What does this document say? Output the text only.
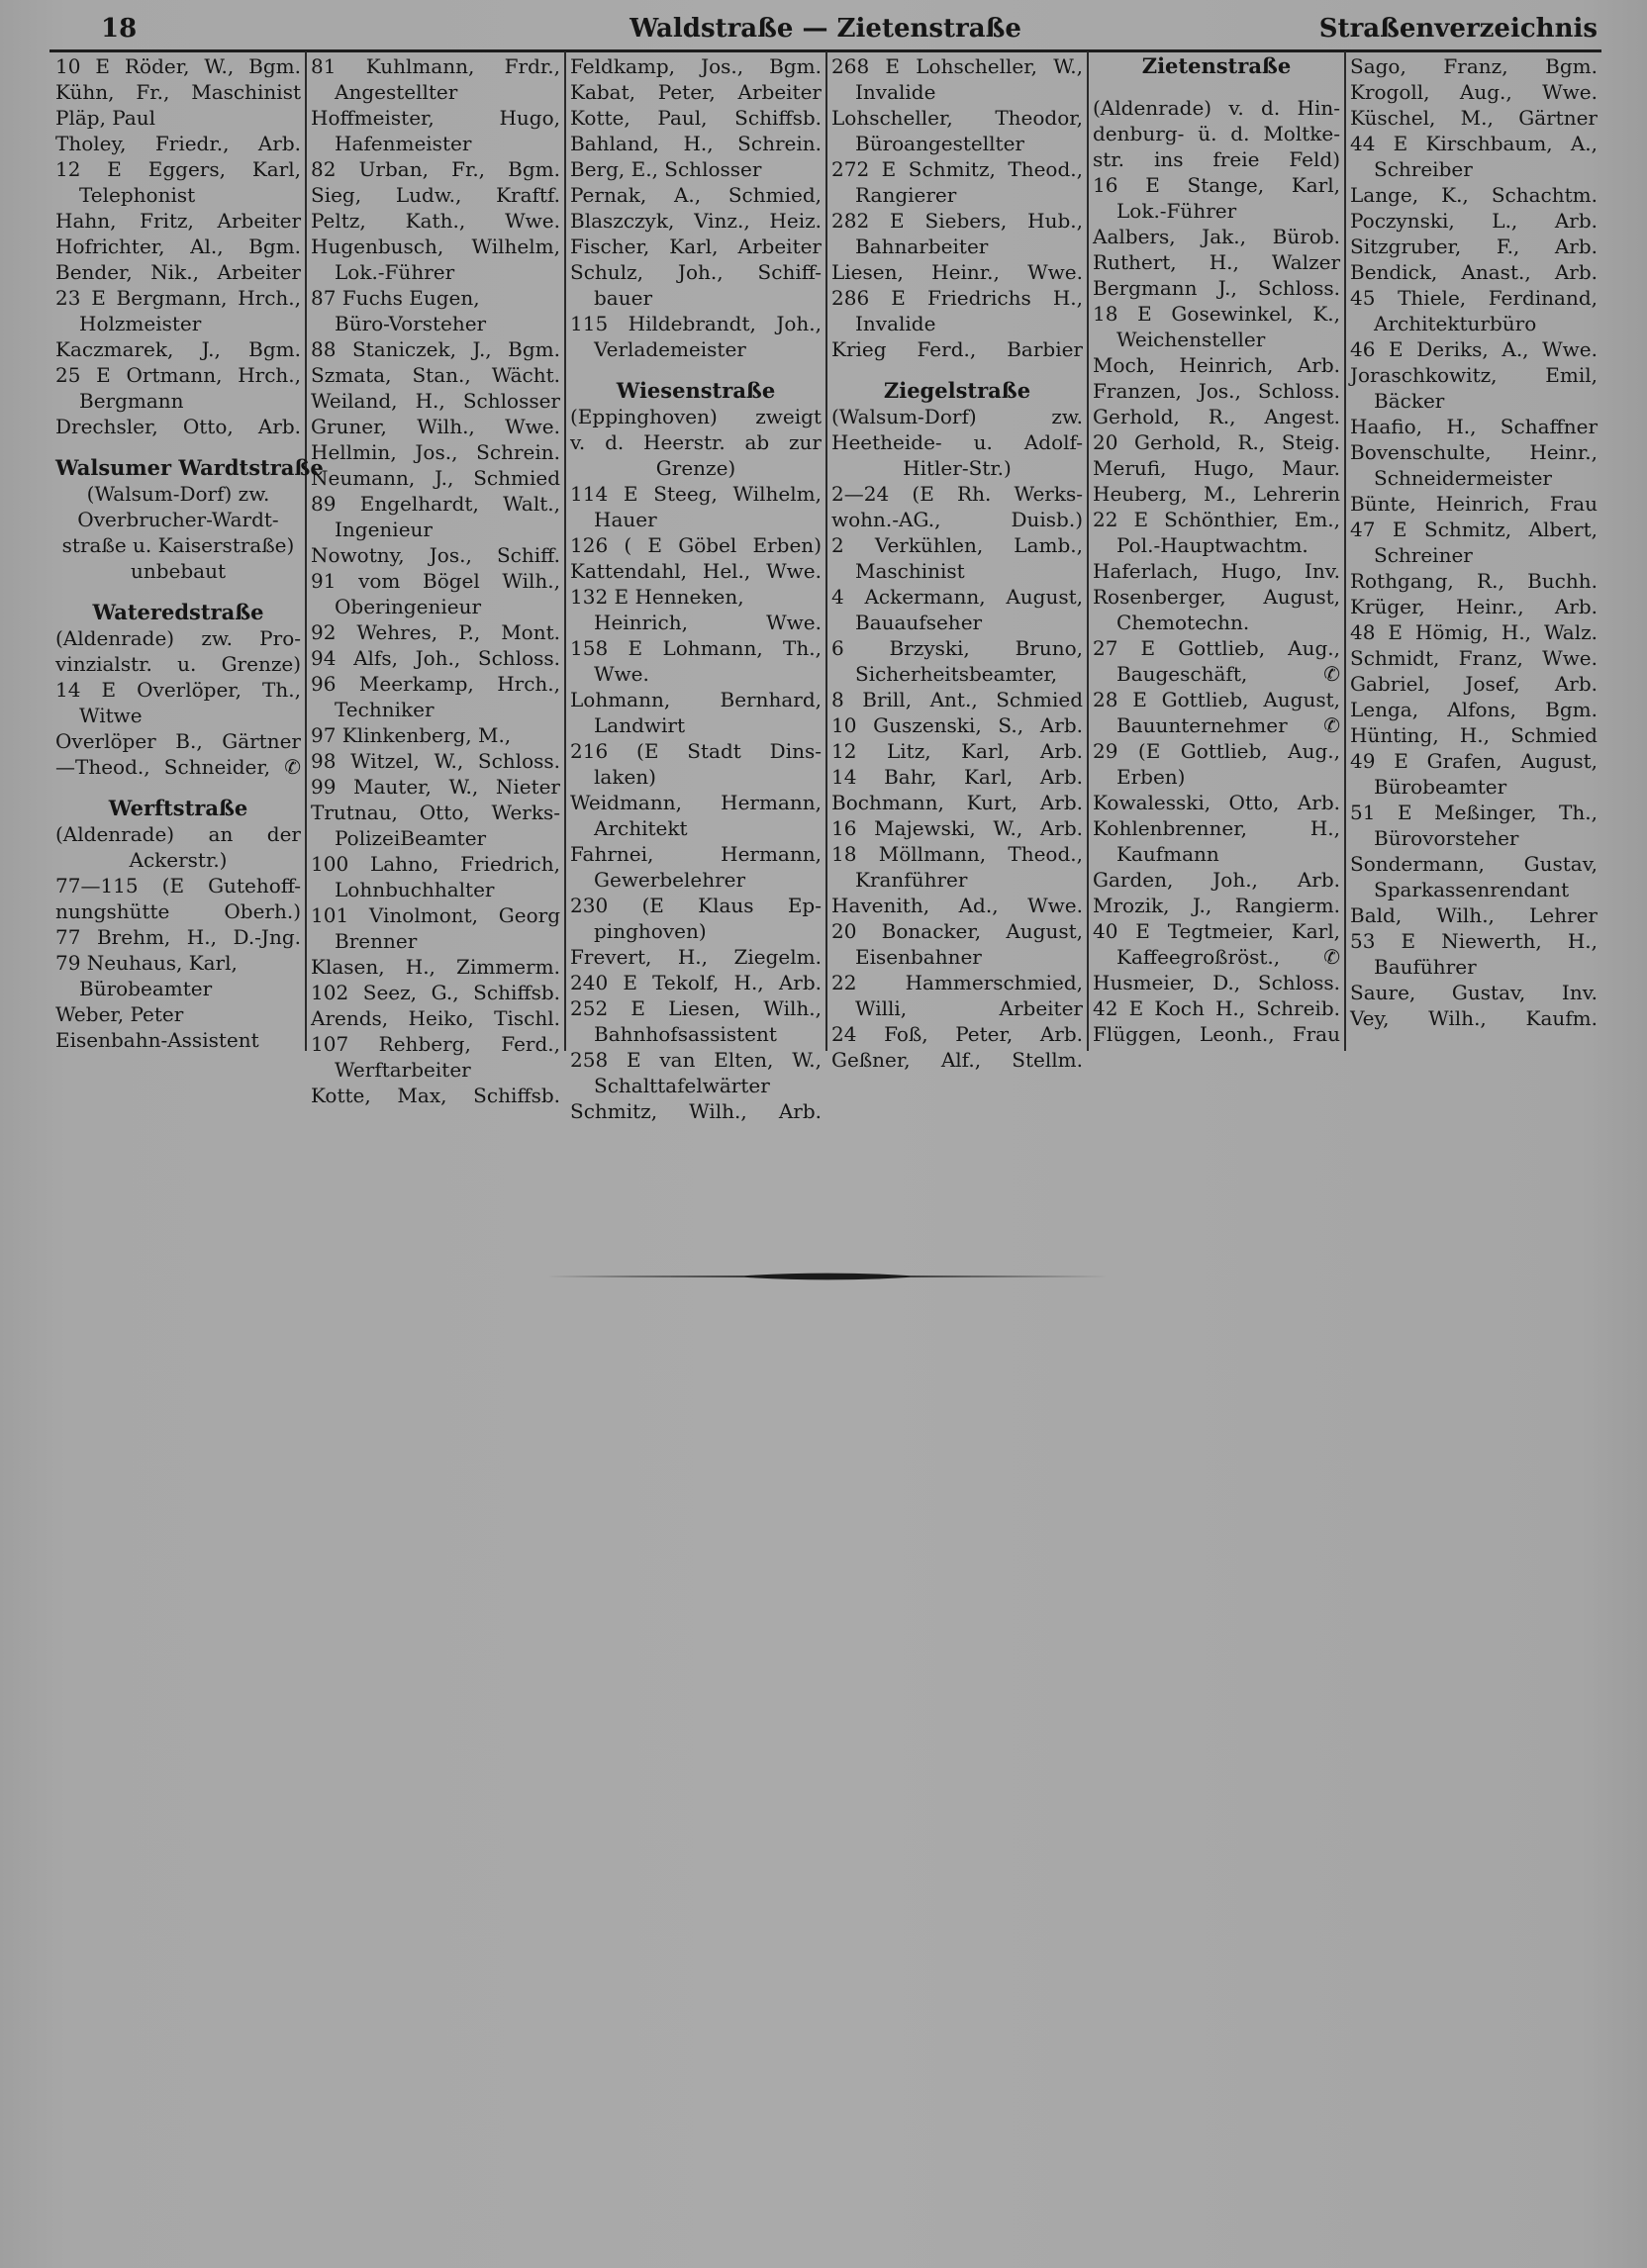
18	Waldstraße — Zietenstraße	Straßenverzeichnis
10 E Röder, W., Bgm.
Kühn, Fr., Maschinist
Pläp, Paul
Tholey, Friedr., Arb.
12 E Eggers, Karl,
Telephonist
Hahn, Fritz, Arbeiter
Hofrichter, Al., Bgm.
Bender, Nik., Arbeiter
23 E Bergmann, Hrch.,
Holzmeister
Kaczmarek, J., Bgm.
25 E Ortmann, Hrch.,
Bergmann
Drechsler, Otto, Arb.
Walsumer Wardtstraße
(Walsum-Dorf) zw.
Overbrucher-Wardt-
straße u. Kaiserstraße)
unbebaut
Wateredstraße
(Aldenrade) zw. Pro-
vinzialstr. u. Grenze)
14 E Overlöper, Th.,
Witwe
Overlöper B., Gärtner
—Theod., Schneider, ✆
Werftstraße
(Aldenrade) an der
Ackerstr.)
77—115 (E Gutehoff-
nungshütte Oberh.)
77 Brehm, H., D.-Jng.
79 Neuhaus, Karl,
Bürobeamter
Weber, Peter
Eisenbahn-Assistent
81 Kuhlmann, Frdr.,
Angestellter
Hoffmeister, Hugo,
Hafenmeister
82 Urban, Fr., Bgm.
Sieg, Ludw., Kraftf.
Peltz, Kath., Wwe.
Hugenbusch, Wilhelm,
Lok.-Führer
87 Fuchs Eugen,
Büro-Vorsteher
88 Staniczek, J., Bgm.
Szmata, Stan., Wächt.
Weiland, H., Schlosser
Gruner, Wilh., Wwe.
Hellmin, Jos., Schrein.
Neumann, J., Schmied
89 Engelhardt, Walt.,
Ingenieur
Nowotny, Jos., Schiff.
91 vom Bögel Wilh.,
Oberingenieur
92 Wehres, P., Mont.
94 Alfs, Joh., Schloss.
96 Meerkamp, Hrch.,
Techniker
97 Klinkenberg, M.,
98 Witzel, W., Schloss.
99 Mauter, W., Nieter
Trutnau, Otto, Werks-
PolizeiBeamter
100 Lahno, Friedrich,
Lohnbuchhalter
101 Vinolmont, Georg
Brenner
Klasen, H., Zimmerm.
102 Seez, G., Schiffsb.
Arends, Heiko, Tischl.
107 Rehberg, Ferd.,
Werftarbeiter
Kotte, Max, Schiffsb.
Feldkamp, Jos., Bgm.
Kabat, Peter, Arbeiter
Kotte, Paul, Schiffsb.
Bahland, H., Schrein.
Berg, E., Schlosser
Pernak, A., Schmied,
Blaszczyk, Vinz., Heiz.
Fischer, Karl, Arbeiter
Schulz, Joh., Schiff-
bauer
115 Hildebrandt, Joh.,
Verlademeister
Wiesenstraße
(Eppinghoven) zweigt
v. d. Heerstr. ab zur
Grenze)
114 E Steeg, Wilhelm,
Hauer
126 ( E Göbel Erben)
Kattendahl, Hel., Wwe.
132 E Henneken,
Heinrich, Wwe.
158 E Lohmann, Th.,
Wwe.
Lohmann, Bernhard,
Landwirt
216 (E Stadt Dins-
laken)
Weidmann, Hermann,
Architekt
Fahrnei, Hermann,
Gewerbelehrer
230 (E Klaus Ep-
pinghoven)
Frevert, H., Ziegelm.
240 E Tekolf, H., Arb.
252 E Liesen, Wilh.,
Bahnhofsassistent
258 E van Elten, W.,
Schalttafelwärter
Schmitz, Wilh., Arb.
268 E Lohscheller, W.,
Invalide
Lohscheller, Theodor,
Büroangestellter
272 E Schmitz, Theod.,
Rangierer
282 E Siebers, Hub.,
Bahnarbeiter
Liesen, Heinr., Wwe.
286 E Friedrichs H.,
Invalide
Krieg Ferd., Barbier
Ziegelstraße
(Walsum-Dorf) zw.
Heetheide- u. Adolf-
Hitler-Str.)
2—24 (E Rh. Werks-
wohn.-AG., Duisb.)
2 Verkühlen, Lamb.,
Maschinist
4 Ackermann, August,
Bauaufseher
6 Brzyski, Bruno,
Sicherheitsbeamter,
8 Brill, Ant., Schmied
10 Guszenski, S., Arb.
12 Litz, Karl, Arb.
14 Bahr, Karl, Arb.
Bochmann, Kurt, Arb.
16 Majewski, W., Arb.
18 Möllmann, Theod.,
Kranführer
Havenith, Ad., Wwe.
20 Bonacker, August,
Eisenbahner
22 Hammerschmied,
Willi, Arbeiter
24 Foß, Peter, Arb.
Geßner, Alf., Stellm.
Zietenstraße
(Aldenrade) v. d. Hin-
denburg- ü. d. Moltke-
str. ins freie Feld)
16 E Stange, Karl,
Lok.-Führer
Aalbers, Jak., Bürob.
Ruthert, H., Walzer
Bergmann J., Schloss.
18 E Gosewinkel, K.,
Weichensteller
Moch, Heinrich, Arb.
Franzen, Jos., Schloss.
Gerhold, R., Angest.
20 Gerhold, R., Steig.
Merufi, Hugo, Maur.
Heuberg, M., Lehrerin
22 E Schönthier, Em.,
Pol.-Hauptwachtm.
Haferlach, Hugo, Inv.
Rosenberger, August,
Chemotechn.
27 E Gottlieb, Aug.,
Baugeschäft, ✆
28 E Gottlieb, August,
Bauunternehmer ✆
29 (E Gottlieb, Aug.,
Erben)
Kowalesski, Otto, Arb.
Kohlenbrenner, H.,
Kaufmann
Garden, Joh., Arb.
Mrozik, J., Rangierm.
40 E Tegtmeier, Karl,
Kaffeegroßröst., ✆
Husmeier, D., Schloss.
42 E Koch H., Schreib.
Flüggen, Leonh., Frau
Sago, Franz, Bgm.
Krogoll, Aug., Wwe.
Küschel, M., Gärtner
44 E Kirschbaum, A.,
Schreiber
Lange, K., Schachtm.
Poczynski, L., Arb.
Sitzgruber, F., Arb.
Bendick, Anast., Arb.
45 Thiele, Ferdinand,
Architekturbüro
46 E Deriks, A., Wwe.
Joraschkowitz, Emil,
Bäcker
Haafio, H., Schaffner
Bovenschulte, Heinr.,
Schneidermeister
Bünte, Heinrich, Frau
47 E Schmitz, Albert,
Schreiner
Rothgang, R., Buchh.
Krüger, Heinr., Arb.
48 E Hömig, H., Walz.
Schmidt, Franz, Wwe.
Gabriel, Josef, Arb.
Lenga, Alfons, Bgm.
Hünting, H., Schmied
49 E Grafen, August,
Bürobeamter
51 E Meßinger, Th.,
Bürovorsteher
Sondermann, Gustav,
Sparkassenrendant
Bald, Wilh., Lehrer
53 E Niewerth, H.,
Bauführer
Saure, Gustav, Inv.
Vey, Wilh., Kaufm.
